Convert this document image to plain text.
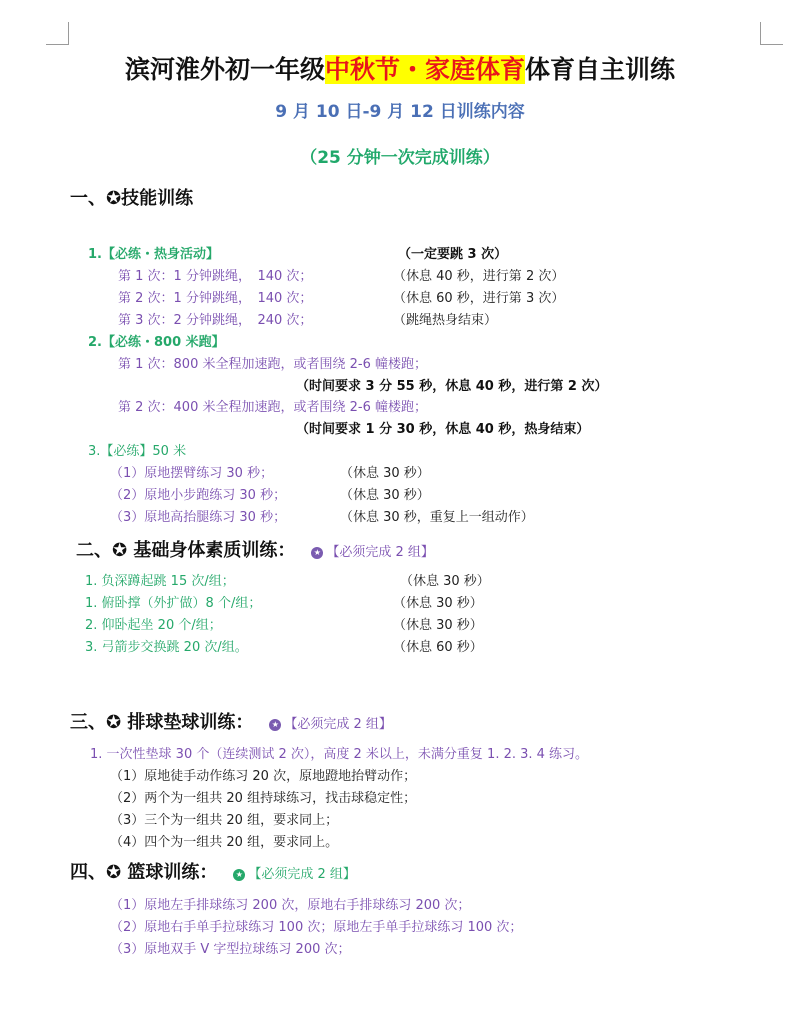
滨河淮外初一年级中秋节・家庭体育体育自主训练
9 月 10 日-9 月 12 日训练内容
（25 分钟一次完成训练）
一、✪技能训练
1.【必练・热身活动】	（一定要跳 3 次）
第 1 次：1 分钟跳绳，　140 次；	（休息 40 秒，进行第 2 次）
第 2 次：1 分钟跳绳，　140 次；	（休息 60 秒，进行第 3 次）
第 3 次：2 分钟跳绳，　240 次；	（跳绳热身结束）
2.【必练・800 米跑】
第 1 次：800 米全程加速跑，或者围绕 2-6 幢楼跑；
（时间要求 3 分 55 秒，休息 40 秒，进行第 2 次）
第 2 次：400 米全程加速跑，或者围绕 2-6 幢楼跑；
（时间要求 1 分 30 秒，休息 40 秒，热身结束）
3.【必练】50 米
（1）原地摆臂练习 30 秒；	（休息 30 秒）
（2）原地小步跑练习 30 秒；	（休息 30 秒）
（3）原地高抬腿练习 30 秒；	（休息 30 秒，重复上一组动作）
二、✪ 基础身体素质训练： ★ 【必须完成 2 组】
1. 负深蹲起跳 15 次/组；	（休息 30 秒）
1. 俯卧撑（外扩做）8 个/组；	（休息 30 秒）
2. 仰卧起坐 20 个/组；	（休息 30 秒）
3. 弓箭步交换跳 20 次/组。	（休息 60 秒）
三、✪ 排球垫球训练： ★ 【必须完成 2 组】
1. 一次性垫球 30 个（连续测试 2 次），高度 2 米以上，未满分重复 1. 2. 3. 4 练习。
（1）原地徒手动作练习 20 次，原地蹬地抬臂动作；
（2）两个为一组共 20 组持球练习，找击球稳定性；
（3）三个为一组共 20 组，要求同上；
（4）四个为一组共 20 组，要求同上。
四、✪ 篮球训练： ★ 【必须完成 2 组】
（1）原地左手排球练习 200 次，原地右手排球练习 200 次；
（2）原地右手单手拉球练习 100 次；原地左手单手拉球练习 100 次；
（3）原地双手 V 字型拉球练习 200 次；
